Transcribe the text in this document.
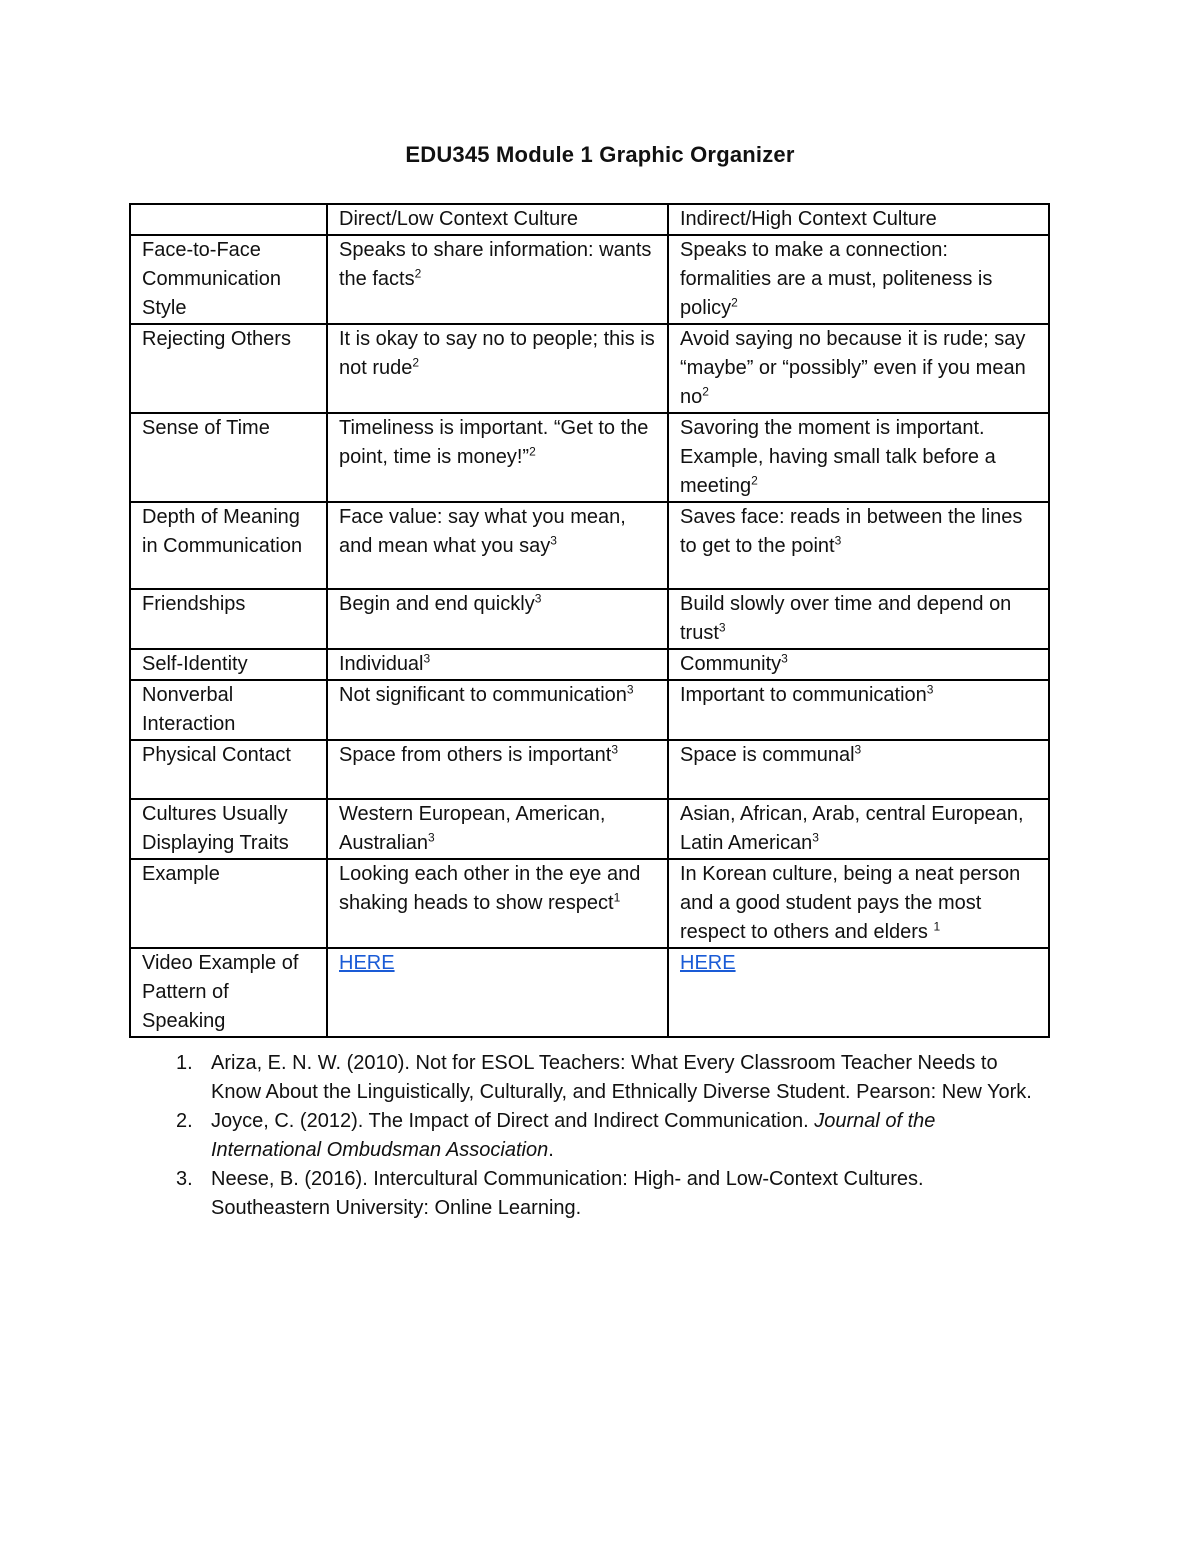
EDU345 Module 1 Graphic Organizer
	Direct/Low Context Culture	Indirect/High Context Culture
Face-to-Face Communication Style	Speaks to share information: wants the facts$^2$	Speaks to make a connection: formalities are a must, politeness is policy$^2$
Rejecting Others	It is okay to say no to people; this is not rude$^2$	Avoid saying no because it is rude; say “maybe” or “possibly” even if you mean $no^2$
Sense of Time	Timeliness is important. “Get to the point, time is money!”$^2$	Savoring the moment is important. Example, having small talk before a meeting$^2$
Depth of Meaning in Communication	Face value: say what you mean, and mean what you say$^3$	Saves face: reads in between the lines to get to the point$^3$
Friendships	Begin and end quickly$^3$	Build slowly over time and depend on trust$^3$
Self-Identity	Individual$^3$	Community$^3$
Nonverbal Interaction	Not significant to communication$^3$	Important to communication$^3$
Physical Contact	Space from others is important$^3$	Space is communal$^3$
Cultures Usually Displaying Traits	Western European, American, Australian$^3$	Asian, African, Arab, central European, Latin American$^3$
Example	Looking each other in the eye and shaking heads to show respect$^1$	In Korean culture, being a neat person and a good student pays the most respect to others and elders $^1$
Video Example of Pattern of Speaking	HERE	HERE
1. Ariza, E. N. W. (2010). Not for ESOL Teachers: What Every Classroom Teacher Needs to Know About the Linguistically, Culturally, and Ethnically Diverse Student. Pearson: New York.
2. Joyce, C. (2012). The Impact of Direct and Indirect Communication. Journal of the International Ombudsman Association.
3. Neese, B. (2016). Intercultural Communication: High- and Low-Context Cultures. Southeastern University: Online Learning.
